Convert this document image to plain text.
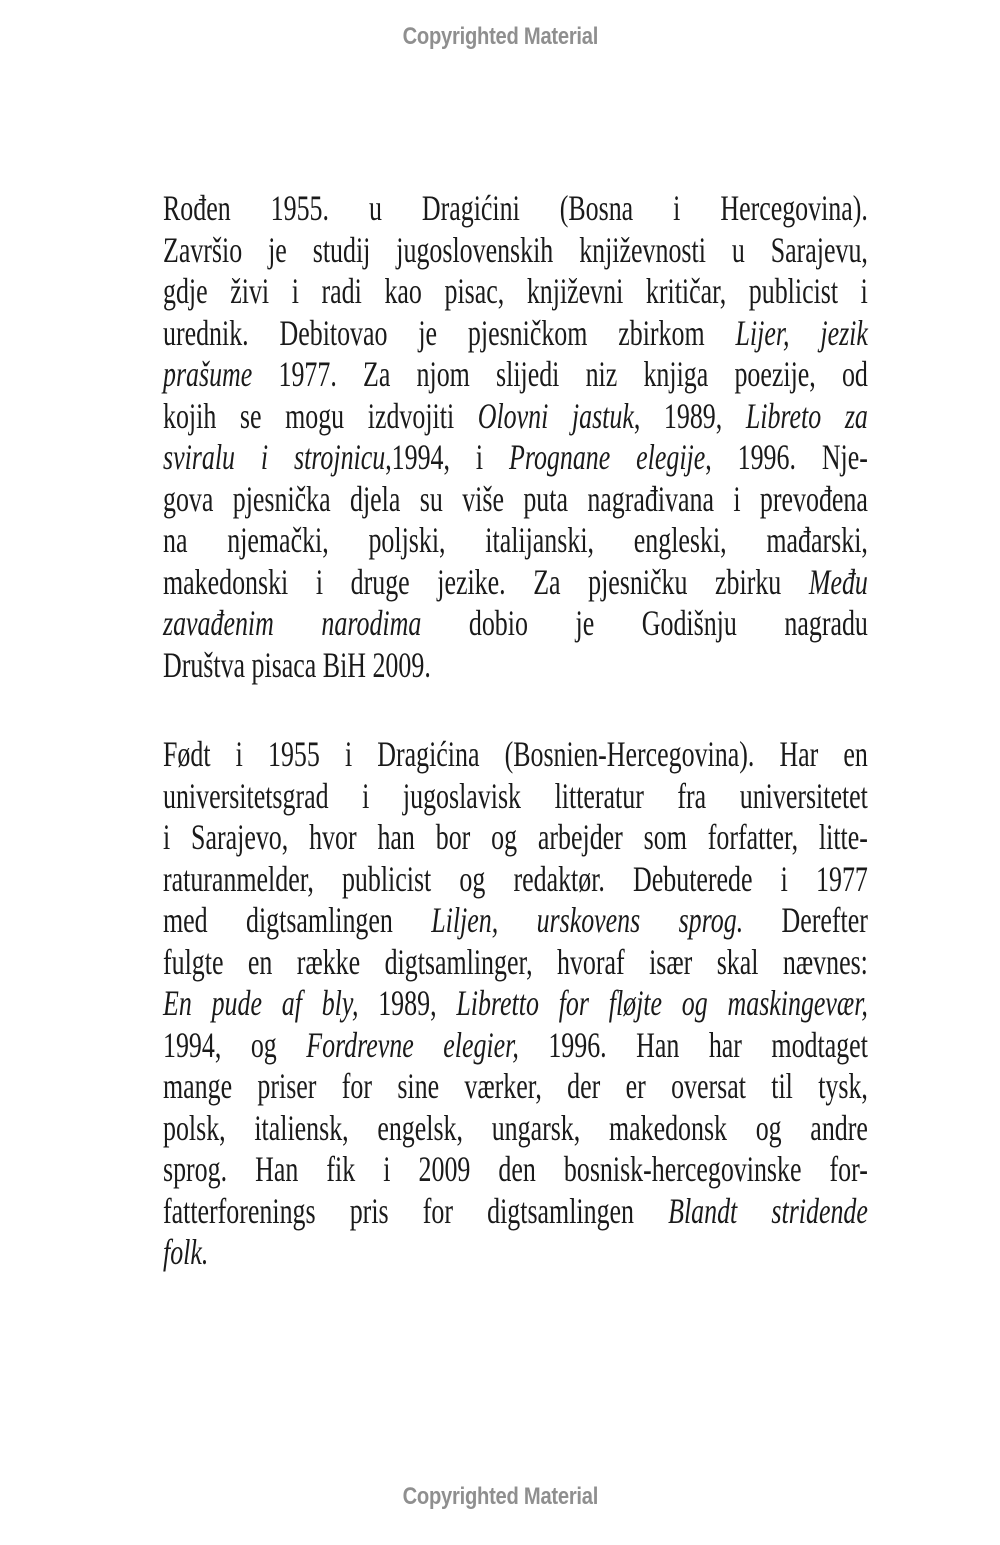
Copyrighted Material
Rođen 1955. u Dragićini (Bosna i Hercegovina).
Završio je studij jugoslovenskih književnosti u Sarajevu,
gdje živi i radi kao pisac, književni kritičar, publicist i
urednik. Debitovao je pjesničkom zbirkom Lijer, jezik
prašume 1977. Za njom slijedi niz knjiga poezije, od
kojih se mogu izdvojiti Olovni jastuk, 1989, Libreto za
sviralu i strojnicu,1994, i Prognane elegije, 1996. Nje-
gova pjesnička djela su više puta nagrađivana i prevođena
na njemački, poljski, italijanski, engleski, mađarski,
makedonski i druge jezike. Za pjesničku zbirku Među
zavađenim narodima dobio je Godišnju nagradu
Društva pisaca BiH 2009.
Født i 1955 i Dragićina (Bosnien-Hercegovina). Har en
universitetsgrad i jugoslavisk litteratur fra universitetet
i Sarajevo, hvor han bor og arbejder som forfatter, litte-
raturanmelder, publicist og redaktør. Debuterede i 1977
med digtsamlingen Liljen, urskovens sprog. Derefter
fulgte en række digtsamlinger, hvoraf især skal nævnes:
En pude af bly, 1989, Libretto for fløjte og maskingevær,
1994, og Fordrevne elegier, 1996. Han har modtaget
mange priser for sine værker, der er oversat til tysk,
polsk, italiensk, engelsk, ungarsk, makedonsk og andre
sprog. Han fik i 2009 den bosnisk-hercegovinske for-
fatterforenings pris for digtsamlingen Blandt stridende
folk.
Copyrighted Material
